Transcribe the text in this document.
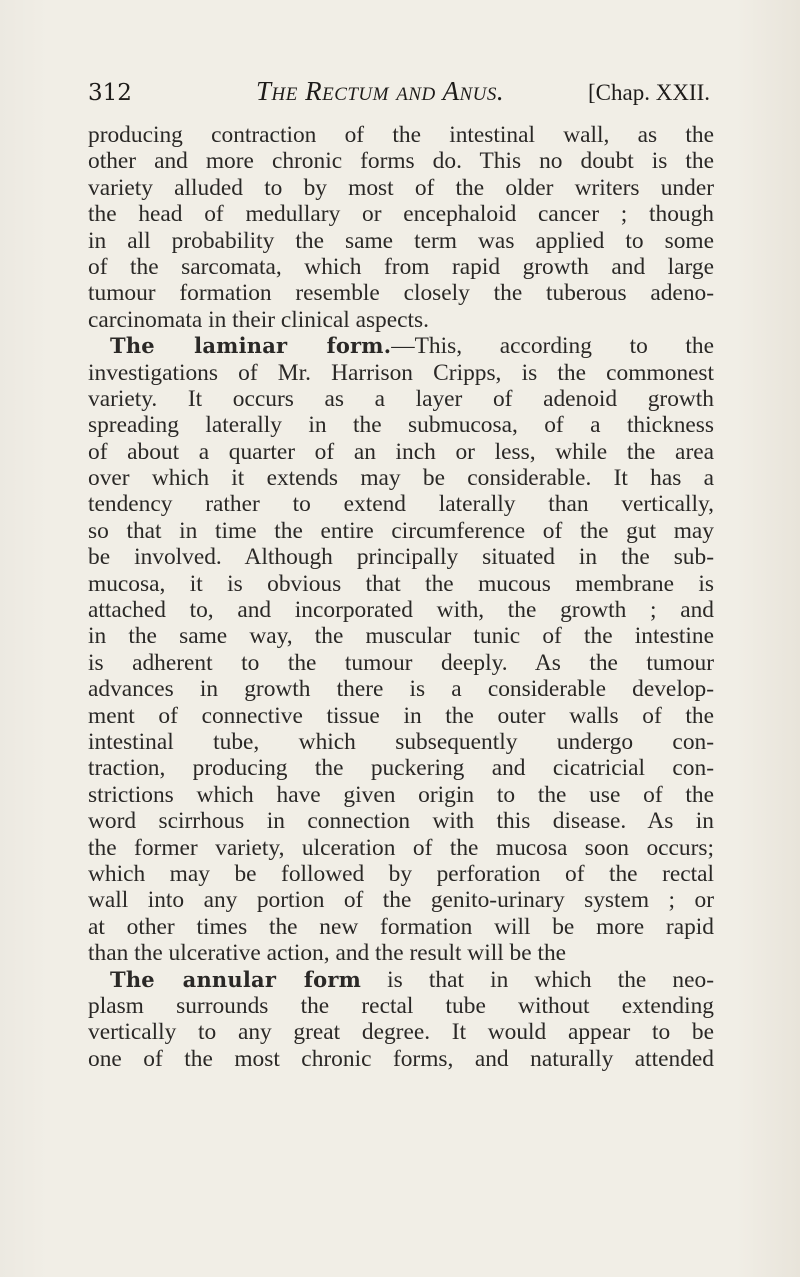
312	The Rectum and Anus.	[Chap. XXII.
producing contraction of the intestinal wall, as the
other and more chronic forms do. This no doubt is the
variety alluded to by most of the older writers under
the head of medullary or encephaloid cancer ; though
in all probability the same term was applied to some
of the sarcomata, which from rapid growth and large
tumour formation resemble closely the tuberous adeno-
carcinomata in their clinical aspects.
The laminar form.—This, according to the
investigations of Mr. Harrison Cripps, is the commonest
variety. It occurs as a layer of adenoid growth
spreading laterally in the submucosa, of a thickness
of about a quarter of an inch or less, while the area
over which it extends may be considerable. It has a
tendency rather to extend laterally than vertically,
so that in time the entire circumference of the gut may
be involved. Although principally situated in the sub-
mucosa, it is obvious that the mucous membrane is
attached to, and incorporated with, the growth ; and
in the same way, the muscular tunic of the intestine
is adherent to the tumour deeply. As the tumour
advances in growth there is a considerable develop-
ment of connective tissue in the outer walls of the
intestinal tube, which subsequently undergo con-
traction, producing the puckering and cicatricial con-
strictions which have given origin to the use of the
word scirrhous in connection with this disease. As in
the former variety, ulceration of the mucosa soon occurs;
which may be followed by perforation of the rectal
wall into any portion of the genito-urinary system ; or
at other times the new formation will be more rapid
than the ulcerative action, and the result will be the
The annular form is that in which the neo-
plasm surrounds the rectal tube without extending
vertically to any great degree. It would appear to be
one of the most chronic forms, and naturally attended
